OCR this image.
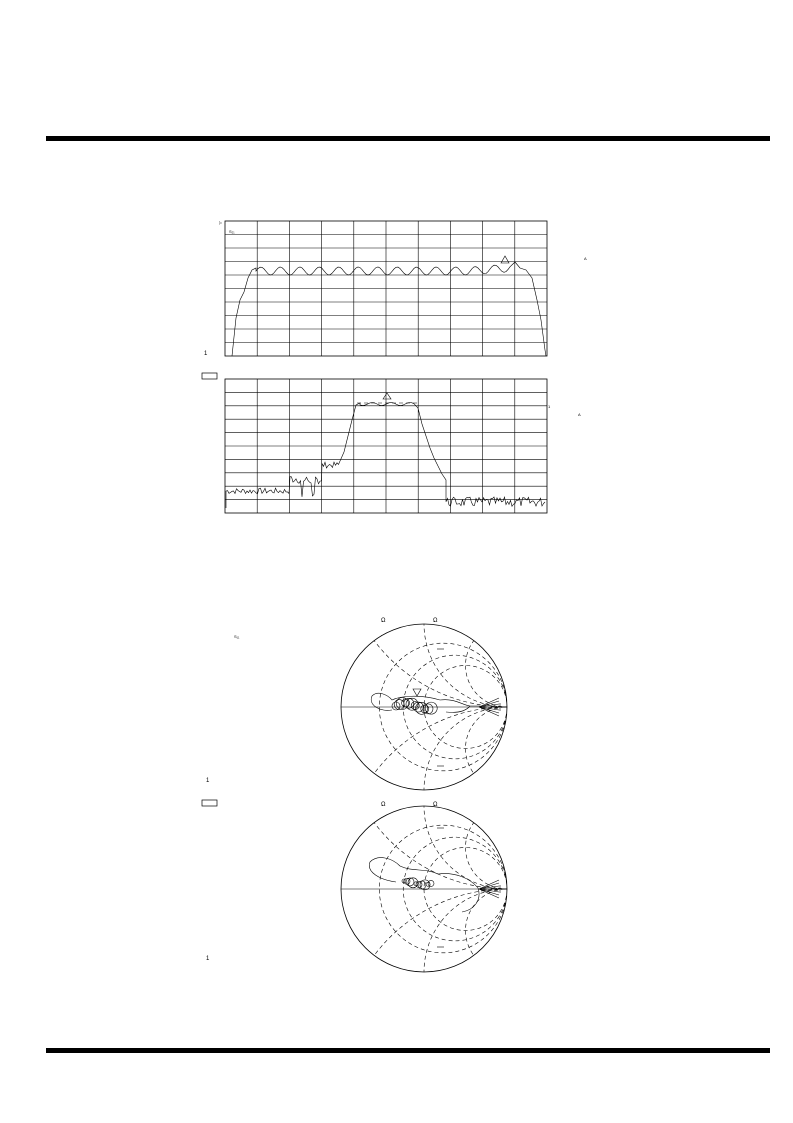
S₂₁
A
1
▷
1
A
S₁₁
Ω	Ω
1
Ω	Ω
1
